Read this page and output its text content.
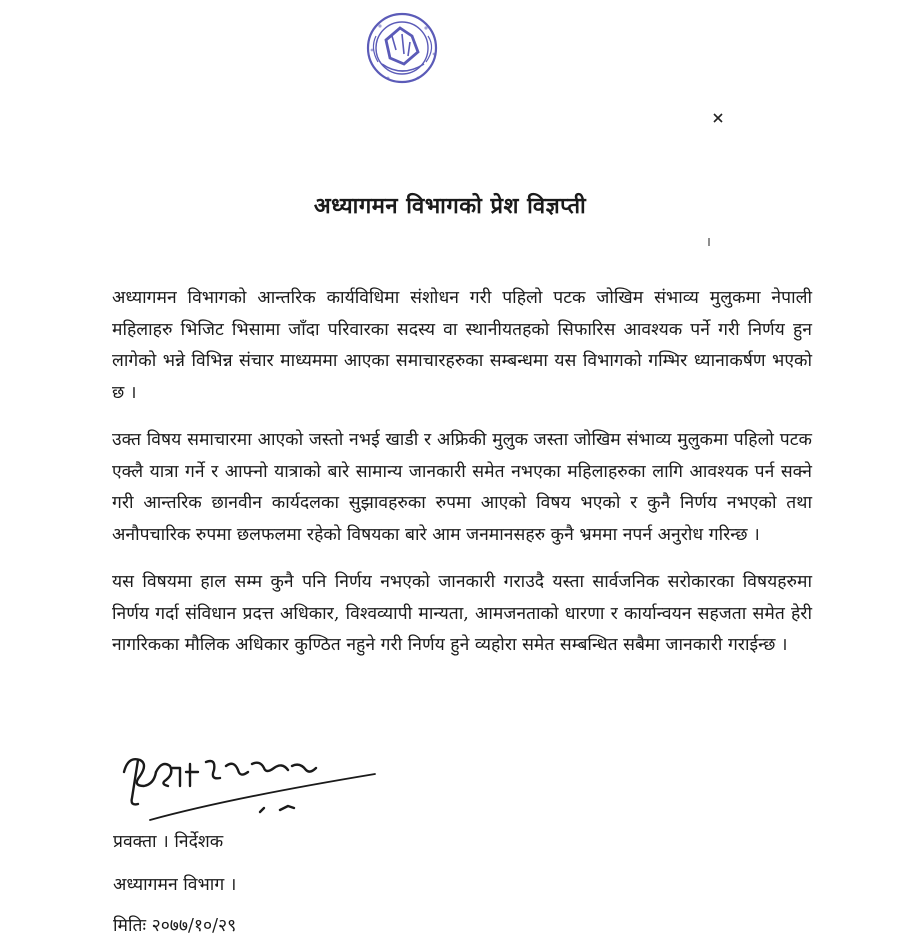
अध्यागमन विभागको प्रेश विज्ञप्ती

अध्यागमन विभागको आन्तरिक कार्यविधिमा संशोधन गरी पहिलो पटक जोखिम संभाव्य मुलुकमा नेपाली महिलाहरु भिजिट भिसामा जाँदा परिवारका सदस्य वा स्थानीयतहको सिफारिस आवश्यक पर्ने गरी निर्णय हुन लागेको भन्ने विभिन्न संचार माध्यममा आएका समाचारहरुका सम्बन्धमा यस विभागको गम्भिर ध्यानाकर्षण भएको छ ।

उक्त विषय समाचारमा आएको जस्तो नभई खाडी र अफ्रिकी मुलुक जस्ता जोखिम संभाव्य मुलुकमा पहिलो पटक एक्लै यात्रा गर्ने र आफ्नो यात्राको बारे सामान्य जानकारी समेत नभएका महिलाहरुका लागि आवश्यक पर्न सक्ने गरी आन्तरिक छानवीन कार्यदलका सुझावहरुका रुपमा आएको विषय भएको र कुनै निर्णय नभएको तथा अनौपचारिक रुपमा छलफलमा रहेको विषयका बारे आम जनमानसहरु कुनै भ्रममा नपर्न अनुरोध गरिन्छ ।

यस विषयमा हाल सम्म कुनै पनि निर्णय नभएको जानकारी गराउदै यस्ता सार्वजनिक सरोकारका विषयहरुमा निर्णय गर्दा संविधान प्रदत्त अधिकार, विश्वव्यापी मान्यता, आमजनताको धारणा र कार्यान्वयन सहजता समेत हेरी नागरिकका मौलिक अधिकार कुण्ठित नहुने गरी निर्णय हुने व्यहोरा समेत सम्बन्धित सबैमा जानकारी गराईन्छ ।

प्रवक्ता । निर्देशक
अध्यागमन विभाग ।
मितिः २०७७/१०/२९
